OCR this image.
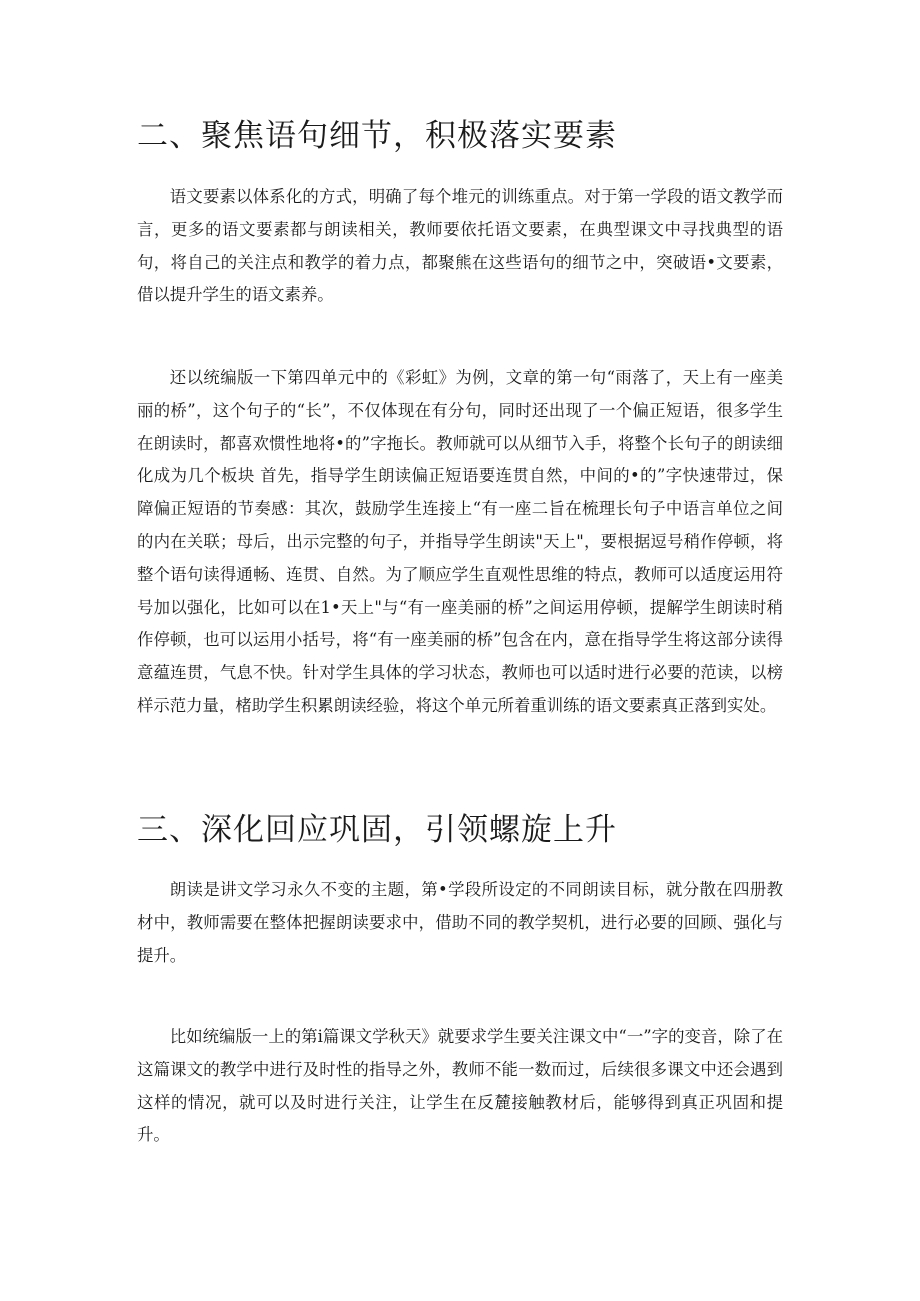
二、聚焦语句细节，积极落实要素

语文要素以体系化的方式，明确了每个堆元的训练重点。对于第一学段的语文教学而言，更多的语文要素都与朗读相关，教师要依托语文要素，在典型课文中寻找典型的语句，将自己的关注点和教学的着力点，都聚熊在这些语句的细节之中，突破语•文要素，借以提升学生的语文素养。

还以统编版一下第四单元中的《彩虹》为例，文章的第一句“雨落了，天上有一座美丽的桥”，这个句子的“长”，不仅体现在有分句，同时还出现了一个偏正短语，很多学生在朗读时，都喜欢惯性地将•的”字拖长。教师就可以从细节入手，将整个长句子的朗读细化成为几个板块 首先，指导学生朗读偏正短语要连贯自然，中间的•的”字快速带过，保障偏正短语的节奏感：其次，鼓励学生连接上“有一座二旨在梳理长句子中语言单位之间的内在关联；母后，出示完整的句子，并指导学生朗读"天上"，要根据逗号稍作停顿，将整个语句读得通畅、连贯、自然。为了顺应学生直观性思维的特点，教师可以适度运用符号加以强化，比如可以在1•天上"与“有一座美丽的桥”之间运用停顿，提解学生朗读时稍作停顿，也可以运用小括号，将“有一座美丽的桥”包含在内，意在指导学生将这部分读得意蕴连贯，气息不快。针对学生具体的学习状态，教师也可以适时进行必要的范读，以榜样示范力量，楮助学生积累朗读经验，将这个单元所着重训练的语文要素真正落到实处。

三、深化回应巩固，引领螺旋上升

朗读是讲文学习永久不变的主题，第•学段所设定的不同朗读目标，就分散在四册教材中，教师需要在整体把握朗读要求中，借助不同的教学契机，进行必要的回顾、强化与提升。

比如统编版一上的第i篇课文学秋天》就要求学生要关注课文中“一”字的变音，除了在这篇课文的教学中进行及时性的指导之外，教师不能一数而过，后续很多课文中还会遇到这样的情况，就可以及时进行关注，让学生在反麓接触教材后，能够得到真正巩固和提升。
